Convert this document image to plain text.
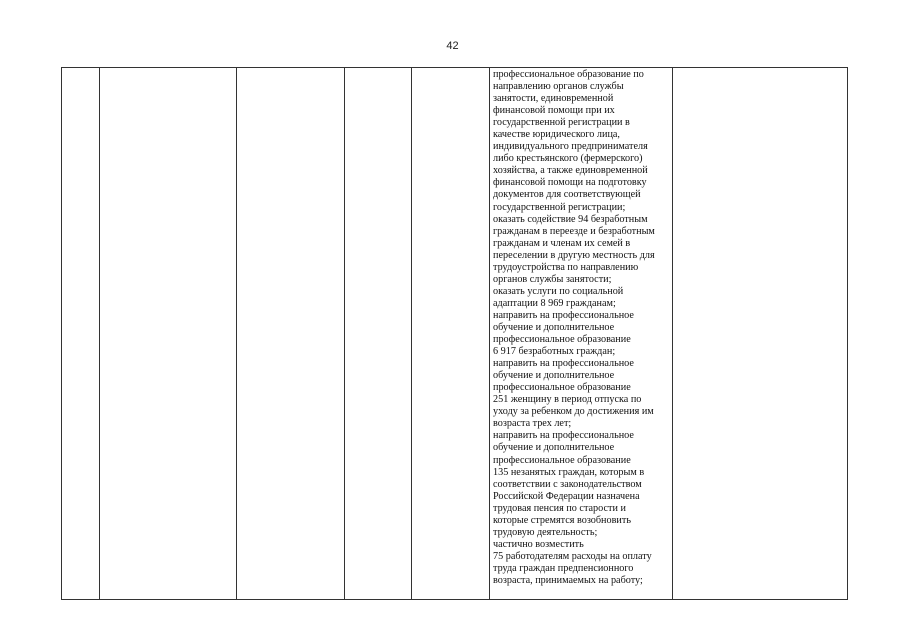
42

профессиональное образование по
направлению органов службы
занятости, единовременной
финансовой помощи при их
государственной регистрации в
качестве юридического лица,
индивидуального предпринимателя
либо крестьянского (фермерского)
хозяйства, а также единовременной
финансовой помощи на подготовку
документов для соответствующей
государственной регистрации;
оказать содействие 94 безработным
гражданам в переезде и безработным
гражданам и членам их семей в
переселении в другую местность для
трудоустройства по направлению
органов службы занятости;
оказать услуги по социальной
адаптации 8 969 гражданам;
направить на профессиональное
обучение и дополнительное
профессиональное образование
6 917 безработных граждан;
направить на профессиональное
обучение и дополнительное
профессиональное образование
251 женщину в период отпуска по
уходу за ребенком до достижения им
возраста трех лет;
направить на профессиональное
обучение и дополнительное
профессиональное образование
135 незанятых граждан, которым в
соответствии с законодательством
Российской Федерации назначена
трудовая пенсия по старости и
которые стремятся возобновить
трудовую деятельность;
частично возместить
75 работодателям расходы на оплату
труда граждан предпенсионного
возраста, принимаемых на работу;
